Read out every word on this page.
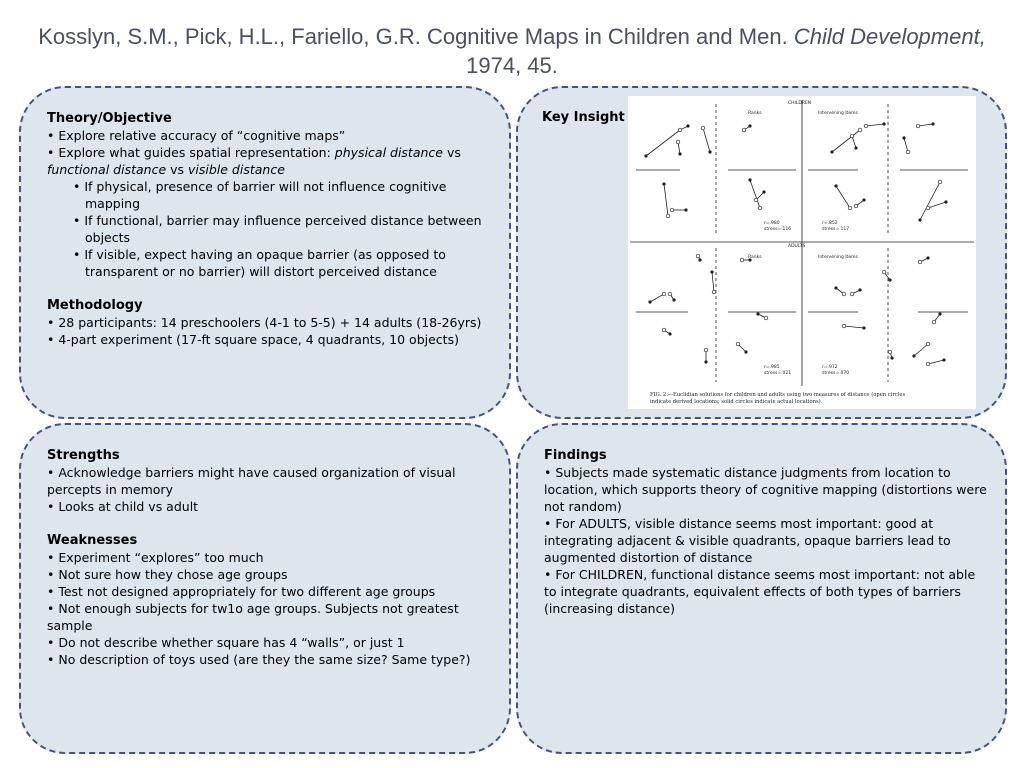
Kosslyn, S.M., Pick, H.L., Fariello, G.R. Cognitive Maps in Children and Men. Child Development,
1974, 45.
Theory/Objective
• Explore relative accuracy of “cognitive maps”
• Explore what guides spatial representation: physical distance vs functional distance vs visible distance
• If physical, presence of barrier will not influence cognitive mapping
• If functional, barrier may influence perceived distance between objects
• If visible, expect having an opaque barrier (as opposed to transparent or no barrier) will distort perceived distance
Methodology
• 28 participants: 14 preschoolers (4-1 to 5-5) + 14 adults (18-26yrs)
• 4-part experiment (17-ft square space, 4 quadrants, 10 objects)
Key Insight
CHILDREN
ADULTS
Ranks	Intervening Items
Ranks	Intervening Items
r=.980
stress=.116
r=.852
stress=.117
r=.985
stress=.021
r=.972
stress=.070
FIG. 2.—Euclidian solutions for children and adults using two measures of distance (open circles
indicate derived locations; solid circles indicate actual locations).
Strengths
• Acknowledge barriers might have caused organization of visual percepts in memory
• Looks at child vs adult
Weaknesses
• Experiment “explores” too much
• Not sure how they chose age groups
• Test not designed appropriately for two different age groups
• Not enough subjects for tw1o age groups. Subjects not greatest sample
• Do not describe whether square has 4 “walls”, or just 1
• No description of toys used (are they the same size? Same type?)
Findings
• Subjects made systematic distance judgments from location to location, which supports theory of cognitive mapping (distortions were not random)
• For ADULTS, visible distance seems most important: good at integrating adjacent & visible quadrants, opaque barriers lead to augmented distortion of distance
• For CHILDREN, functional distance seems most important: not able to integrate quadrants, equivalent effects of both types of barriers (increasing distance)
